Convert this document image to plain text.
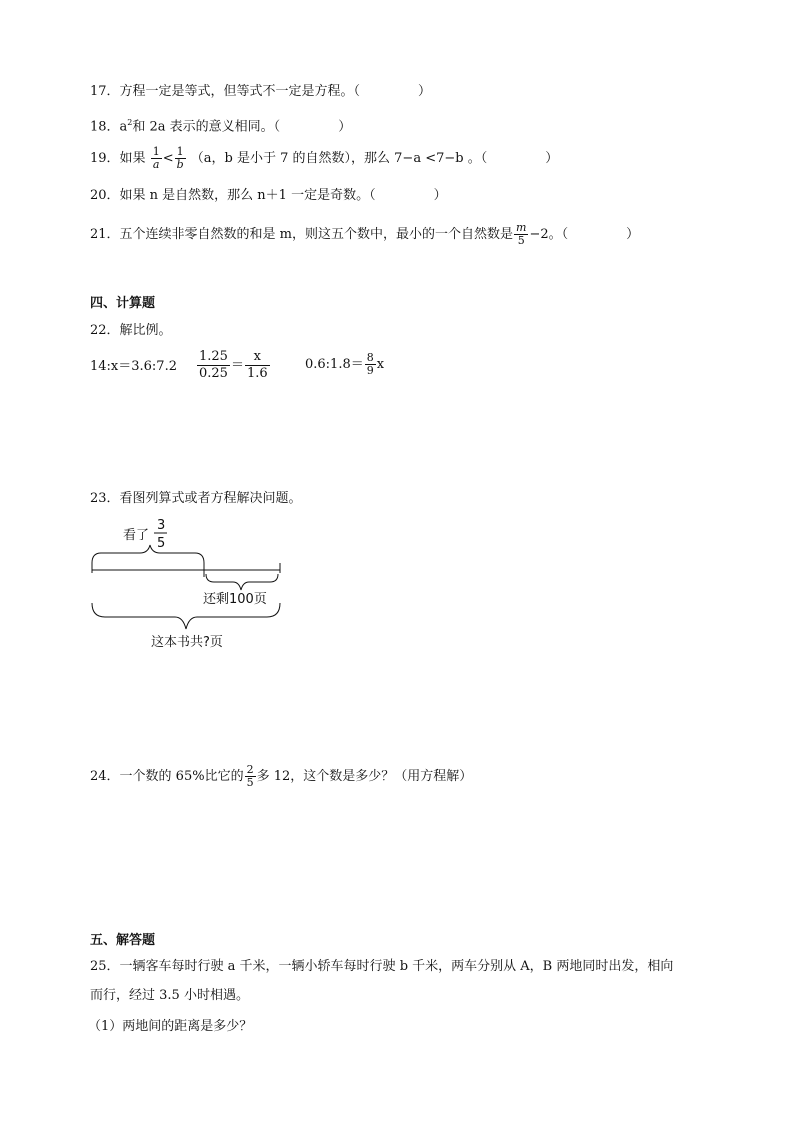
17．方程一定是等式，但等式不一定是方程。（	）
18．$a^2$和 2a 表示的意义相同。（	）
19．如果 $\frac{1}{a} < \frac{1}{b} (a$，b 是小于 7 的自然数），那么 7−a <7−b 。（	）
20．如果 n 是自然数，那么 n＋1 一定是奇数。（	）
21．五个连续非零自然数的和是 m，则这五个数中，最小的一个自然数是 $\frac{m}{5} -2$。（	）
四、计算题
22．解比例。
14:x＝3.6:7.2 $\frac{1.25}{0.25} = \frac{x}{1.6}$	0.6:1.8＝ $\frac{8}{9}$ x
23．看图列算式或者方程解决问题。
看了
3
5
还剩100页
这本书共?页
24．一个数的 65%比它的 $\frac{2}{5}$ 多 12，这个数是多少？（用方程解）
五、解答题
25．一辆客车每时行驶 a 千米，一辆小轿车每时行驶 b 千米，两车分别从 A，B 两地同时出发，相向
而行，经过 3.5 小时相遇。
（1）两地间的距离是多少？
